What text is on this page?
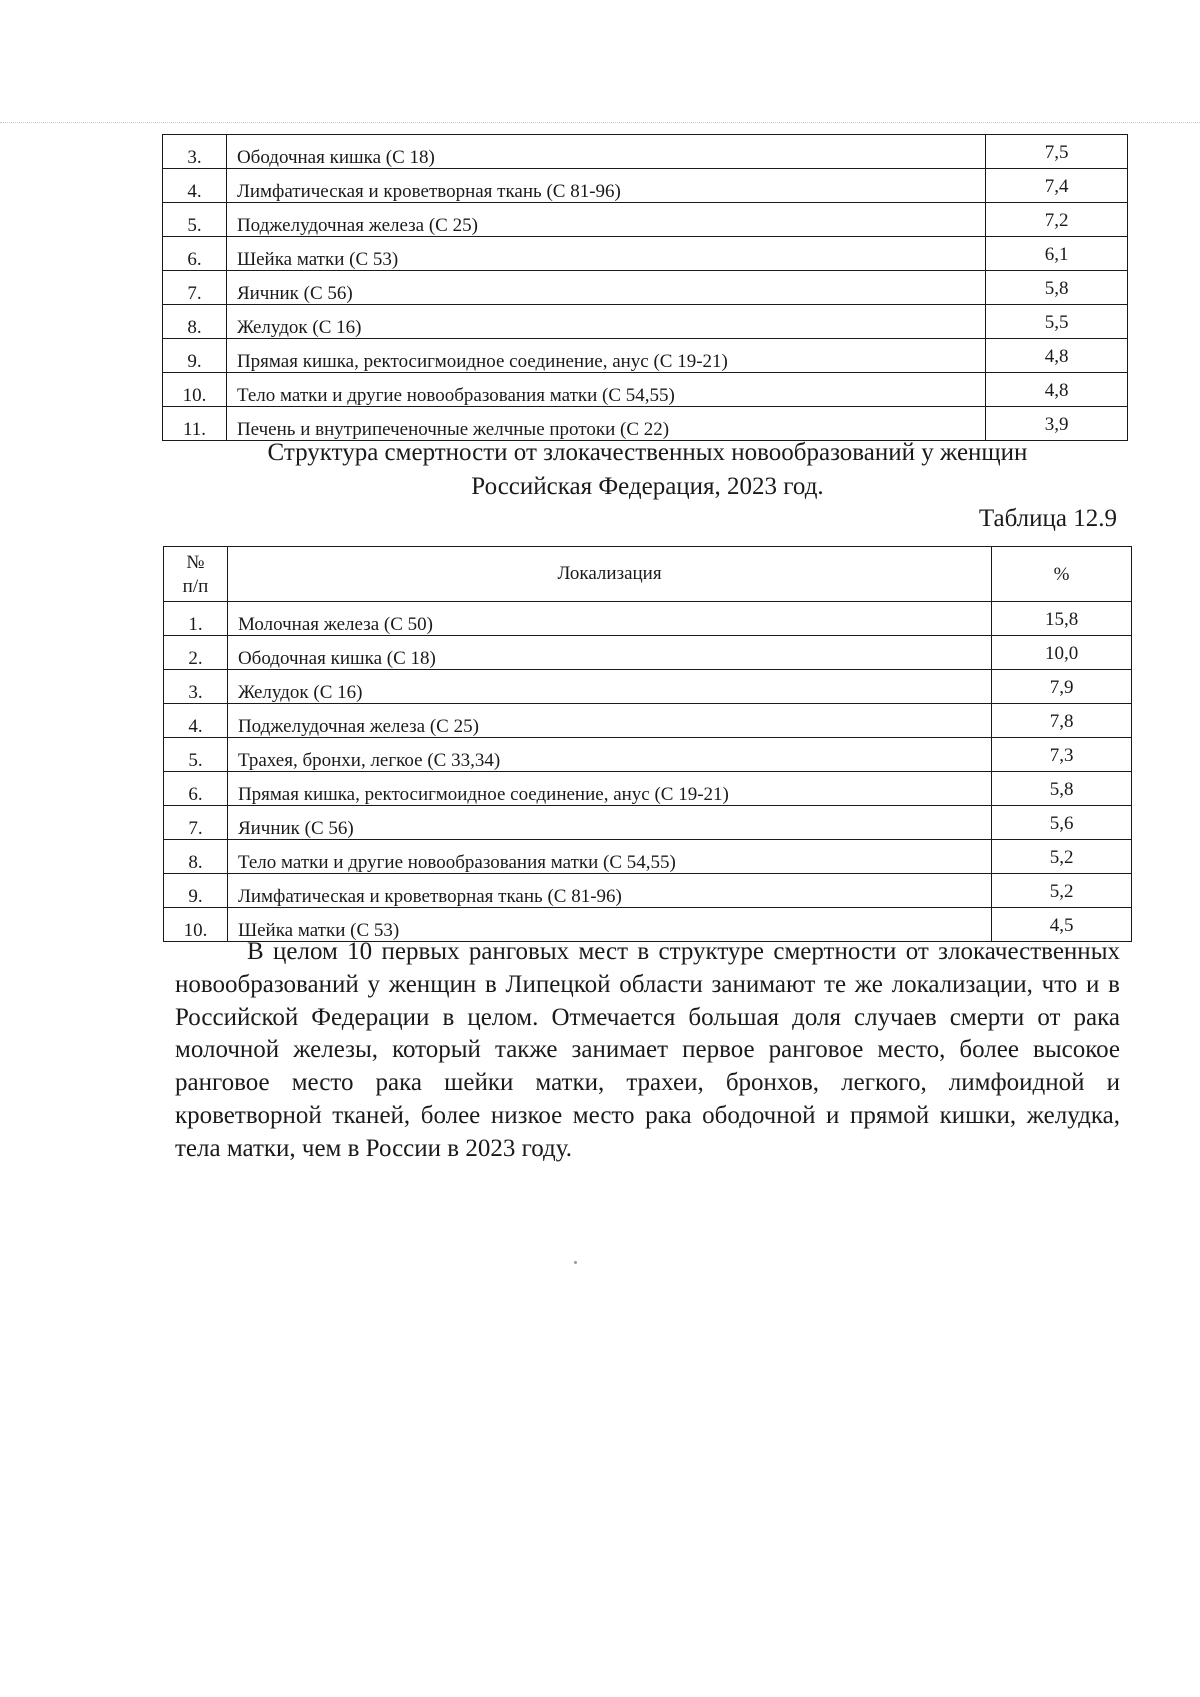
3.	Ободочная кишка (С 18)	7,5
4.	Лимфатическая и кроветворная ткань (С 81-96)	7,4
5.	Поджелудочная железа (С 25)	7,2
6.	Шейка матки (С 53)	6,1
7.	Яичник (С 56)	5,8
8.	Желудок (С 16)	5,5
9.	Прямая кишка, ректосигмоидное соединение, анус (С 19-21)	4,8
10.	Тело матки и другие новообразования матки (С 54,55)	4,8
11.	Печень и внутрипеченочные желчные протоки (С 22)	3,9
Структура смертности от злокачественных новообразований у женщин
Российская Федерация, 2023 год.
Таблица 12.9
№
п/п	Локализация	%
1.	Молочная железа (С 50)	15,8
2.	Ободочная кишка (С 18)	10,0
3.	Желудок (С 16)	7,9
4.	Поджелудочная железа (С 25)	7,8
5.	Трахея, бронхи, легкое (С 33,34)	7,3
6.	Прямая кишка, ректосигмоидное соединение, анус (С 19-21)	5,8
7.	Яичник (С 56)	5,6
8.	Тело матки и другие новообразования матки (С 54,55)	5,2
9.	Лимфатическая и кроветворная ткань (С 81-96)	5,2
10.	Шейка матки (С 53)	4,5

В целом 10 первых ранговых мест в структуре смертности от злокачественных новообразований у женщин в Липецкой области занимают те же локализации, что и в Российской Федерации в целом. Отмечается большая доля случаев смерти от рака молочной железы, который также занимает первое ранговое место, более высокое ранговое место рака шейки матки, трахеи, бронхов, легкого, лимфоидной и кроветворной тканей, более низкое место рака ободочной и прямой кишки, желудка, тела матки, чем в России в 2023 году.
